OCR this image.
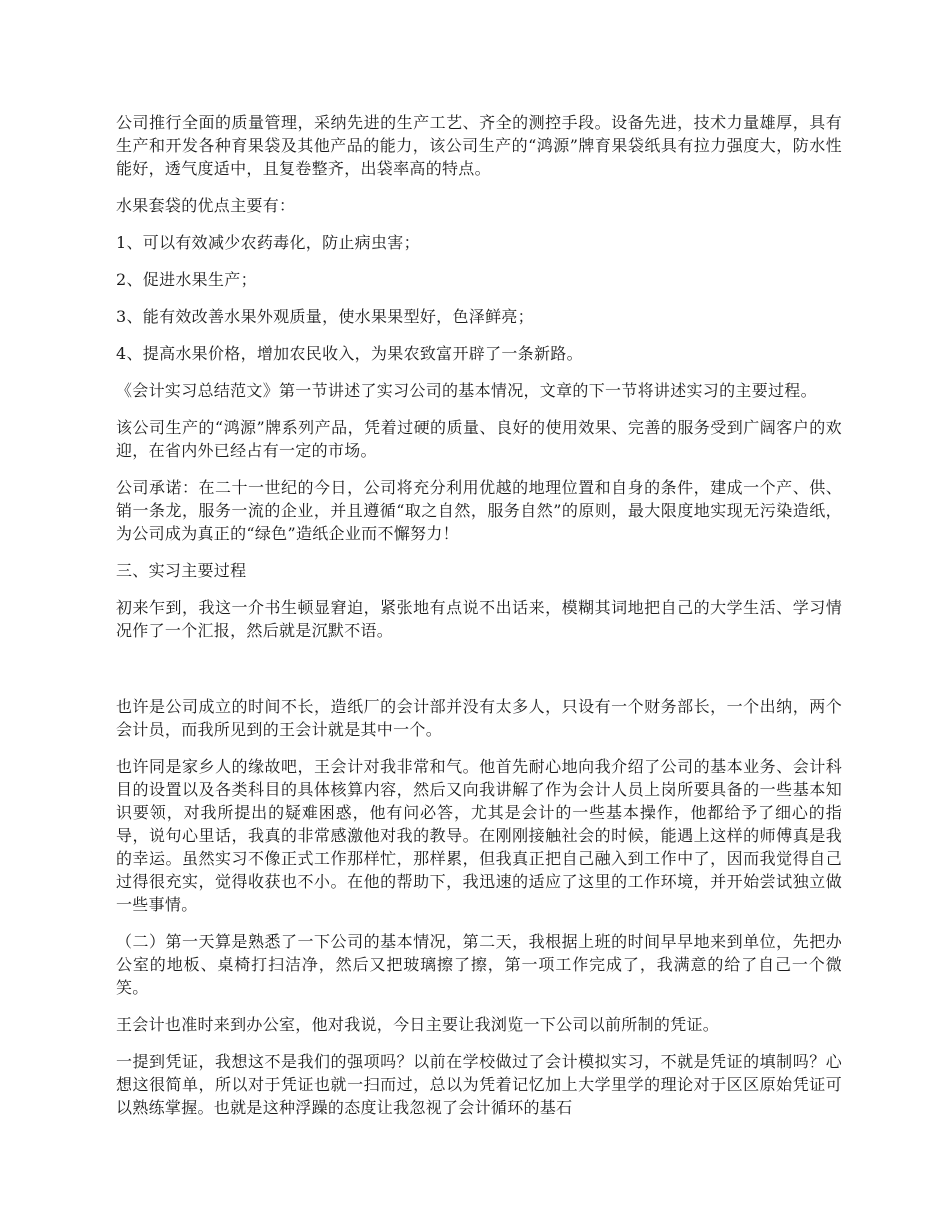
公司推行全面的质量管理，采纳先进的生产工艺、齐全的测控手段。设备先进，技术力量雄厚，具有生产和开发各种育果袋及其他产品的能力，该公司生产的“鸿源”牌育果袋纸具有拉力强度大，防水性能好，透气度适中，且复卷整齐，出袋率高的特点。

水果套袋的优点主要有：

1、可以有效减少农药毒化，防止病虫害；

2、促进水果生产；

3、能有效改善水果外观质量，使水果果型好，色泽鲜亮；

4、提高水果价格，增加农民收入，为果农致富开辟了一条新路。

《会计实习总结范文》第一节讲述了实习公司的基本情况，文章的下一节将讲述实习的主要过程。

该公司生产的“鸿源”牌系列产品，凭着过硬的质量、良好的使用效果、完善的服务受到广阔客户的欢迎，在省内外已经占有一定的市场。

公司承诺：在二十一世纪的今日，公司将充分利用优越的地理位置和自身的条件，建成一个产、供、销一条龙，服务一流的企业，并且遵循“取之自然，服务自然”的原则，最大限度地实现无污染造纸，为公司成为真正的“绿色”造纸企业而不懈努力！

三、实习主要过程

初来乍到，我这一介书生顿显窘迫，紧张地有点说不出话来，模糊其词地把自己的大学生活、学习情况作了一个汇报，然后就是沉默不语。

也许是公司成立的时间不长，造纸厂的会计部并没有太多人，只设有一个财务部长，一个出纳，两个会计员，而我所见到的王会计就是其中一个。

也许同是家乡人的缘故吧，王会计对我非常和气。他首先耐心地向我介绍了公司的基本业务、会计科目的设置以及各类科目的具体核算内容，然后又向我讲解了作为会计人员上岗所要具备的一些基本知识要领，对我所提出的疑难困惑，他有问必答，尤其是会计的一些基本操作，他都给予了细心的指导，说句心里话，我真的非常感激他对我的教导。在刚刚接触社会的时候，能遇上这样的师傅真是我的幸运。虽然实习不像正式工作那样忙，那样累，但我真正把自己融入到工作中了，因而我觉得自己过得很充实，觉得收获也不小。在他的帮助下，我迅速的适应了这里的工作环境，并开始尝试独立做一些事情。

（二）第一天算是熟悉了一下公司的基本情况，第二天，我根据上班的时间早早地来到单位，先把办公室的地板、桌椅打扫洁净，然后又把玻璃擦了擦，第一项工作完成了，我满意的给了自己一个微笑。

王会计也准时来到办公室，他对我说，今日主要让我浏览一下公司以前所制的凭证。

一提到凭证，我想这不是我们的强项吗？以前在学校做过了会计模拟实习，不就是凭证的填制吗？心想这很简单，所以对于凭证也就一扫而过，总以为凭着记忆加上大学里学的理论对于区区原始凭证可以熟练掌握。也就是这种浮躁的态度让我忽视了会计循环的基石
